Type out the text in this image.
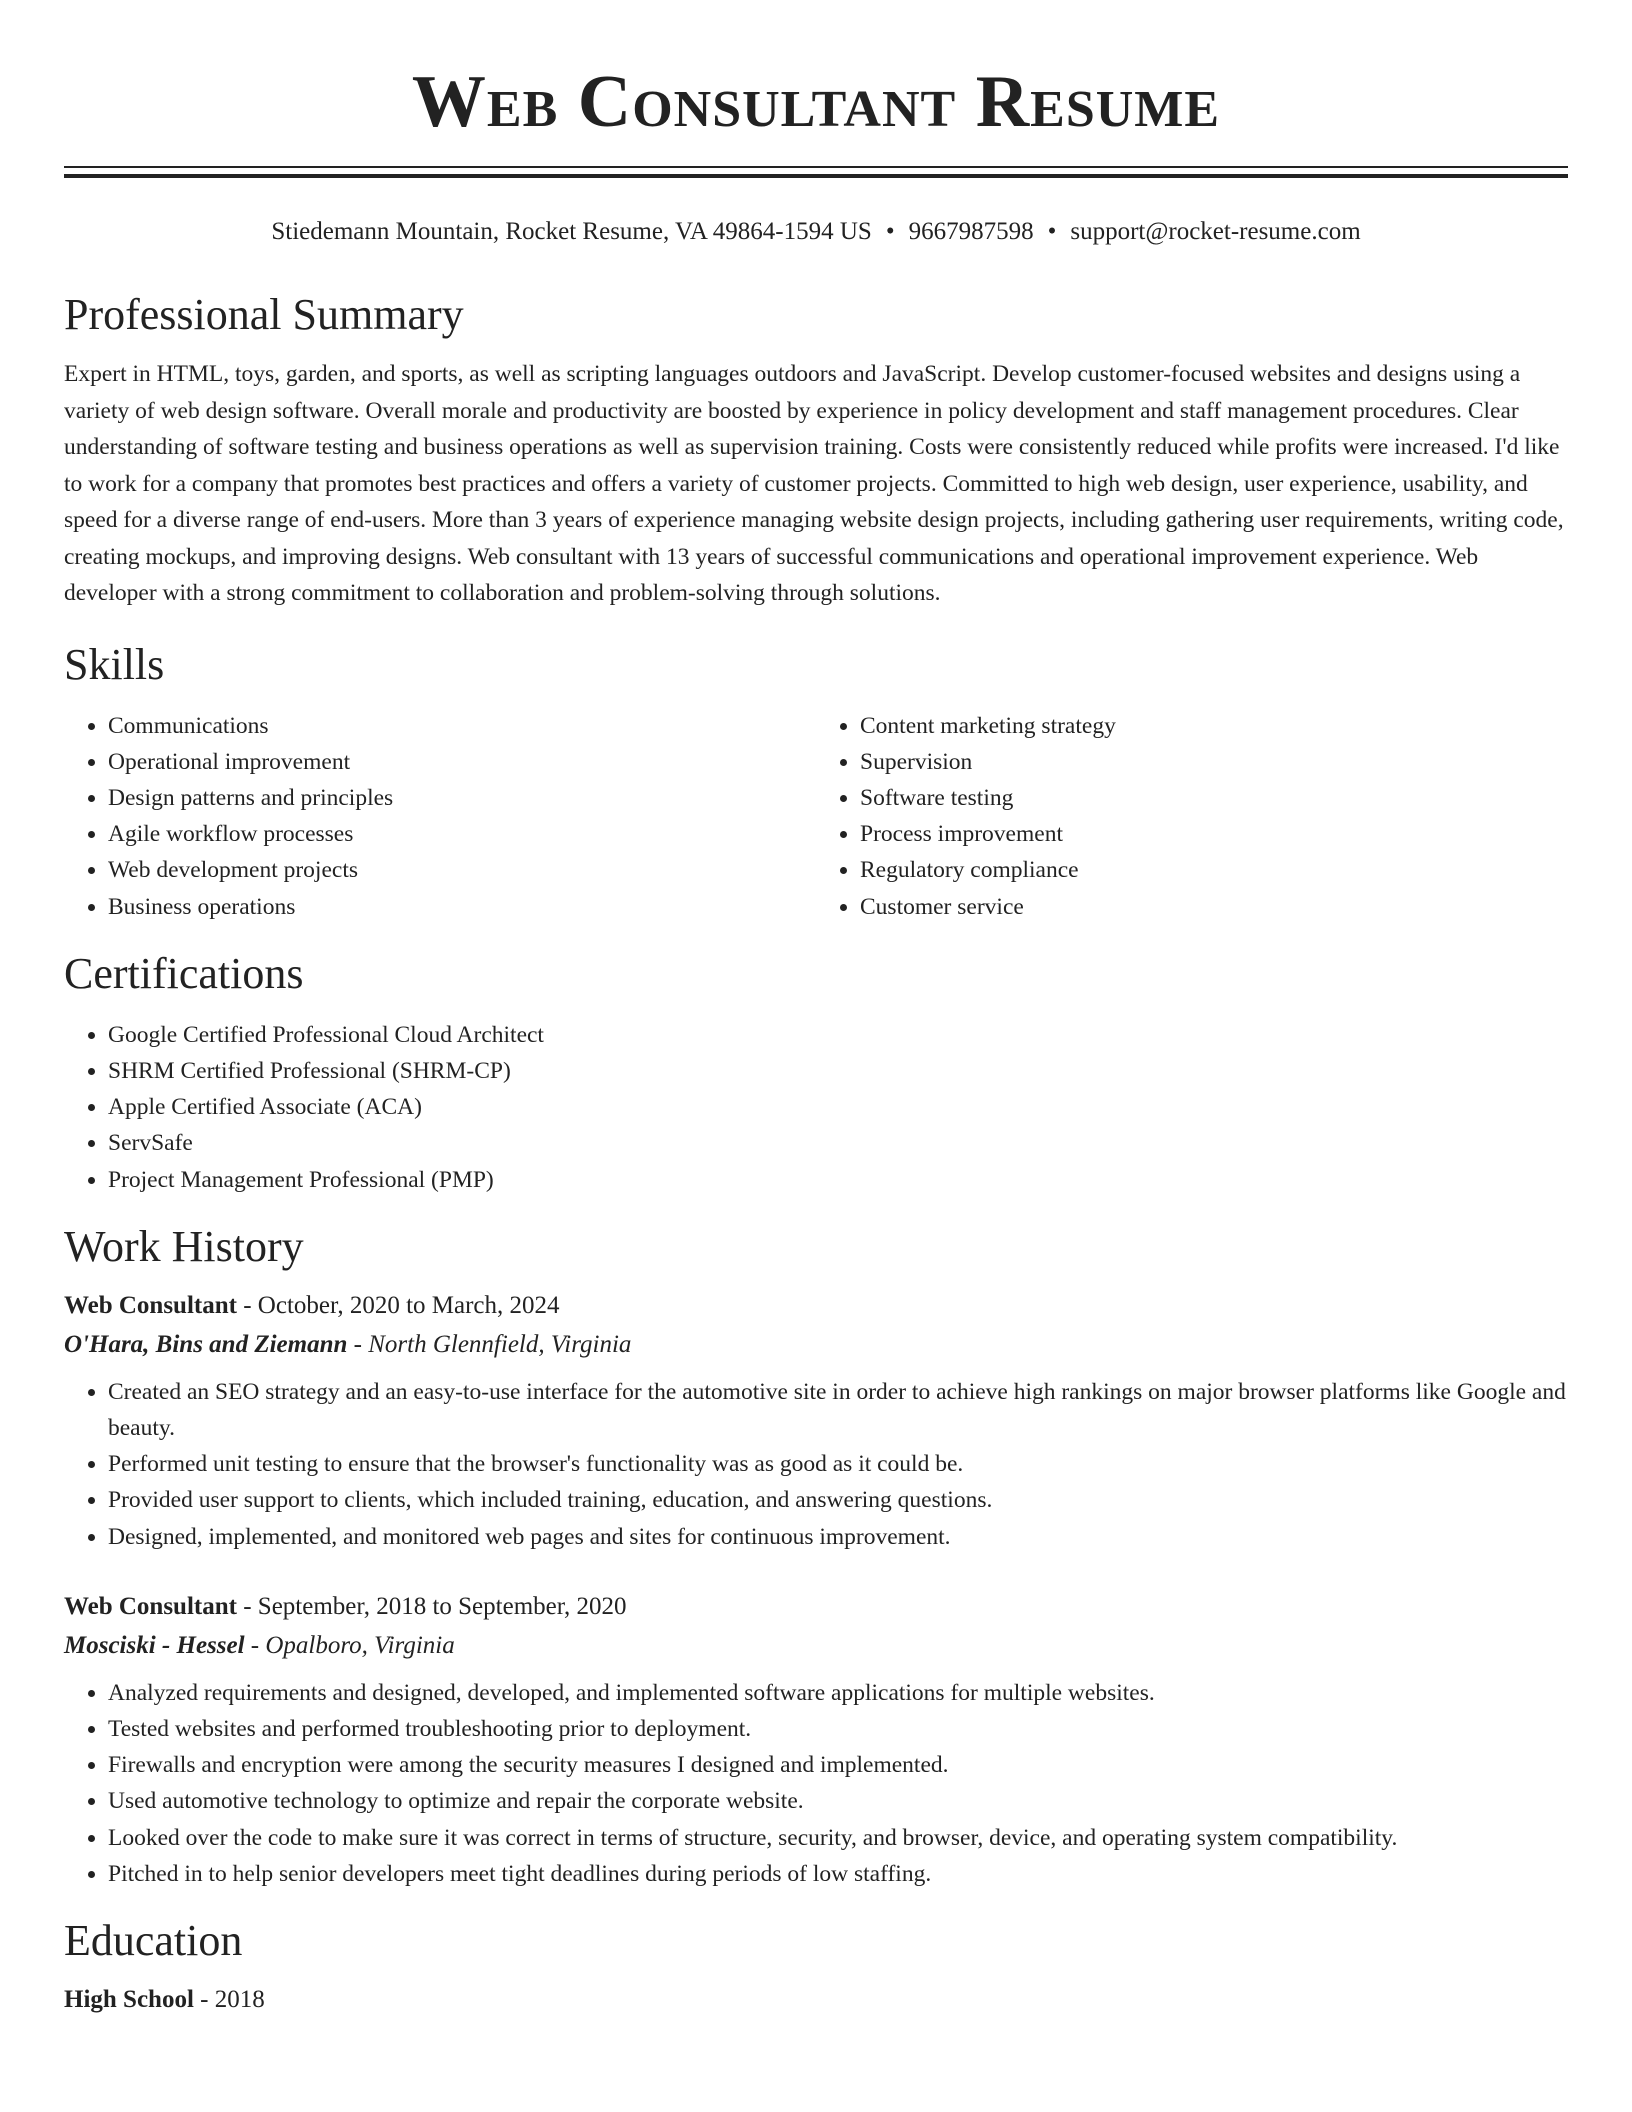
Web Consultant Resume
Stiedemann Mountain, Rocket Resume, VA 49864-1594 US • 9667987598 • support@rocket-resume.com
Professional Summary

Expert in HTML, toys, garden, and sports, as well as scripting languages outdoors and JavaScript. Develop customer-focused websites and designs using a variety of web design software. Overall morale and productivity are boosted by experience in policy development and staff management procedures. Clear understanding of software testing and business operations as well as supervision training. Costs were consistently reduced while profits were increased. I'd like to work for a company that promotes best practices and offers a variety of customer projects. Committed to high web design, user experience, usability, and speed for a diverse range of end-users. More than 3 years of experience managing website design projects, including gathering user requirements, writing code, creating mockups, and improving designs. Web consultant with 13 years of successful communications and operational improvement experience. Web developer with a strong commitment to collaboration and problem-solving through solutions.

Skills
• Communications
• Operational improvement
• Design patterns and principles
• Agile workflow processes
• Web development projects
• Business operations
• Content marketing strategy
• Supervision
• Software testing
• Process improvement
• Regulatory compliance
• Customer service
Certifications
• Google Certified Professional Cloud Architect
• SHRM Certified Professional (SHRM-CP)
• Apple Certified Associate (ACA)
• ServSafe
• Project Management Professional (PMP)
Work History
Web Consultant - October, 2020 to March, 2024
O'Hara, Bins and Ziemann - North Glennfield, Virginia
• Created an SEO strategy and an easy-to-use interface for the automotive site in order to achieve high rankings on major browser platforms like Google and beauty.
• Performed unit testing to ensure that the browser's functionality was as good as it could be.
• Provided user support to clients, which included training, education, and answering questions.
• Designed, implemented, and monitored web pages and sites for continuous improvement.
Web Consultant - September, 2018 to September, 2020
Mosciski - Hessel - Opalboro, Virginia
• Analyzed requirements and designed, developed, and implemented software applications for multiple websites.
• Tested websites and performed troubleshooting prior to deployment.
• Firewalls and encryption were among the security measures I designed and implemented.
• Used automotive technology to optimize and repair the corporate website.
• Looked over the code to make sure it was correct in terms of structure, security, and browser, device, and operating system compatibility.
• Pitched in to help senior developers meet tight deadlines during periods of low staffing.
Education
High School - 2018
